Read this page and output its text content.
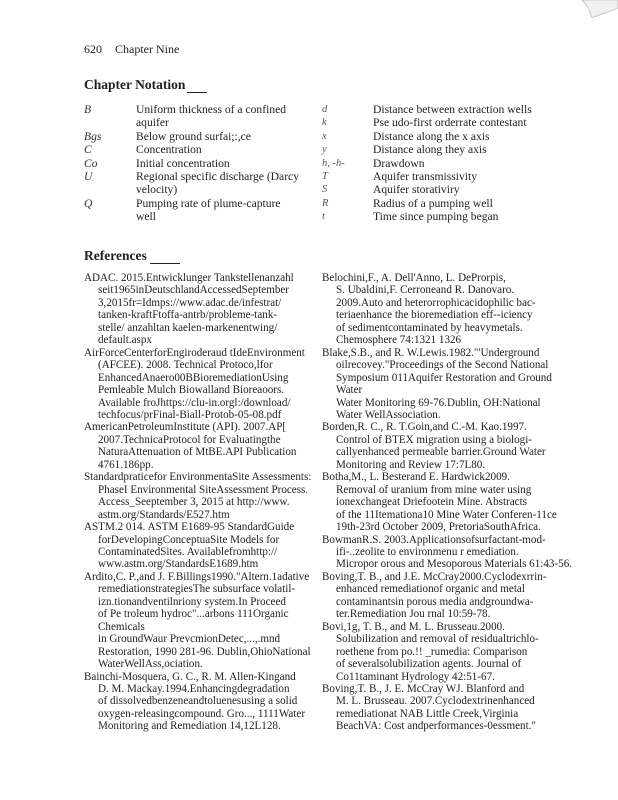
620 Chapter Nine
Chapter Notation
B	Uniform thickness of a confined
aquifer
Bgs	Below ground surfai;:,ce
C	Concentration
Co	Initial concentration
U	Regional specific discharge (Darcy
velocity)
Q	Pumping rate of plume-capture
well
d	Distance between extraction wells
k	Pse udo-first orderrate contestant
x	Distance along the x axis
y	Distance along they axis
h, -h-	Drawdown
T	Aquifer transmissivity
S	Aquifer storativiry
R	Radius of a pumping well
t	Time since pumping began
References

ADAC. 2015.Entwicklunger Tankstellenanzahl
seit1965inDeutschlandAccessedSeptember
3,2015fr=Idmps://www.adac.de/infestrat/
tanken-kraftFtoffa-antrb/probleme-tank-
stelle/ anzahltan kaelen-markenentwing/
default.aspx

AirForceCenterforEngiroderaud tIdeEnvironment
(AFCEE). 2008. Technical Protoco,lfor
EnhancedAnaero00BBioremediationUsing
Pemleable Mulch Biowalland Bioreaoors.
Available froJhttps://clu-in.orgl:/download/
techfocus/prFinal-Biall-Protob-05-08.pdf

AmericanPetroleumInstitute (API). 2007.AP[
2007.TechnicaProtocol for Evaluatingthe
NaturaAttenuation of MtBE.API Publication
4761.186pp.

Standardpraticefor EnvironmentaSite Assessments:
PhaseI Environmental SiteAssessment Process.
Access_Seeptember 3, 2015 at http://www.
astm.org/Standards/E527.htm

ASTM.2 014. ASTM E1689-95 StandardGuide
forDevelopingConceptuaSite Models for
ContaminatedSites. Availablefromhttp://
www.astm.org/StandardsE1689.htm

Ardito,C. P.,and J. F.Billings1990."Altern.1adative
remediationstrategiesThe subsurface volatil-
izn.tionandventilnriony system.In Proceed
of Pe troleum hydroc"...arbons 111Organic Chemicals
in GroundWaur PrevcmionDetec,...,.mnd
Restoration, 1990 281-96. Dublin,OhioNational
WaterWellAss,ociation.

Bainchi-Mosquera, G. C., R. M. Allen-Kingand
D. M. Mackay.1994.Enhancingdegradation
of dissolvedbenzeneandtoluenesusing a solid
oxygen-releasingcompound. Gro..., 1111Water
Monitoring and Remediation 14,12L128.

Belochini,F., A. Dell'Anno, L. DeProrpis,
S. Ubaldini,F. Cerroneand R. Danovaro.
2009.Auto and heterorrophicacidophilic bac-
teriaenhance the bioremediation eff--iciency
of sedimentcontaminated by heavymetals.
Chemosphere 74:1321 1326

Blake,S.B., and R. W.Lewis.1982."'Underground
oilrecovey."Proceedings of the Second National
Symposium 011Aquifer Restoration and Ground Water
Water Monitoring 69-76.Dublin, OH:National
Water WellAssociation.

Borden,R. C., R. T.Goin,and C.-M. Kao.1997.
Control of BTEX migration using a biologi-
callyenhanced permeable barrier.Ground Water
Monitoring and Review 17:7L80.

Botha,M., L. Besterand E. Hardwick2009.
Removal of uranium from mine water using
ionexchangeat Driefootein Mine. Abstracts
of the 11Itemationa10 Mine Water Conferen-11ce
19th-23rd October 2009, PretoriaSouthAfrica.

BowmanR.S. 2003.Applicationsofsurfactant-mod-
ifi-..zeolite to environmenu r emediation.
Micropor orous and Mesoporous Materials 61:43-56.

Boving,T. B., and J.E. McCray2000.Cyclodexrrin-
enhanced remediationof organic and metal
contaminantsin porous media andgroundwa-
ter.Remediation Jou rnal 10:59-78.

Bovi,1g, T. B., and M. L. Brusseau.2000.
Solubilization and removal of residualtrichlo-
roethene from po.!! _rumedia: Comparison
of severalsolubilization agents. Journal of
Co11taminant Hydrology 42:51-67.

Boving,T. B., J. E. McCray WJ. Blanford and
M. L. Brusseau. 2007.Cyclodextrinenhanced
remediationat NAB Little Creek,Virginia
BeachVA: Cost andperformances-0essment."
